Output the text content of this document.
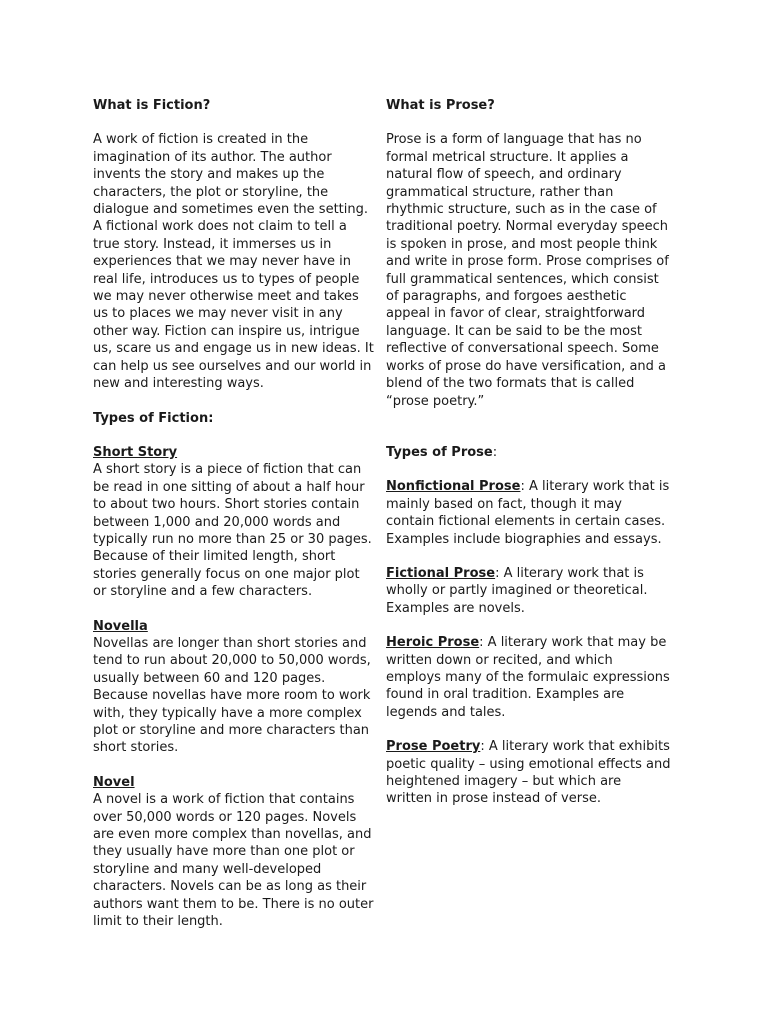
What is Fiction?

A work of fiction is created in the imagination of its author. The author invents the story and makes up the characters, the plot or storyline, the dialogue and sometimes even the setting. A fictional work does not claim to tell a true story. Instead, it immerses us in experiences that we may never have in real life, introduces us to types of people we may never otherwise meet and takes us to places we may never visit in any other way. Fiction can inspire us, intrigue us, scare us and engage us in new ideas. It can help us see ourselves and our world in new and interesting ways.

Types of Fiction:

Short Story

A short story is a piece of fiction that can be read in one sitting of about a half hour to about two hours. Short stories contain between 1,000 and 20,000 words and typically run no more than 25 or 30 pages. Because of their limited length, short stories generally focus on one major plot or storyline and a few characters.

Novella

Novellas are longer than short stories and tend to run about 20,000 to 50,000 words, usually between 60 and 120 pages. Because novellas have more room to work with, they typically have a more complex plot or storyline and more characters than short stories.

Novel

A novel is a work of fiction that contains over 50,000 words or 120 pages. Novels are even more complex than novellas, and they usually have more than one plot or storyline and many well-developed characters. Novels can be as long as their authors want them to be. There is no outer limit to their length.

What is Prose?

Prose is a form of language that has no formal metrical structure. It applies a natural flow of speech, and ordinary grammatical structure, rather than rhythmic structure, such as in the case of traditional poetry. Normal everyday speech is spoken in prose, and most people think and write in prose form. Prose comprises of full grammatical sentences, which consist of paragraphs, and forgoes aesthetic appeal in favor of clear, straightforward language. It can be said to be the most reflective of conversational speech. Some works of prose do have versification, and a blend of the two formats that is called “prose poetry.”

Types of Prose:

Nonfictional Prose: A literary work that is mainly based on fact, though it may contain fictional elements in certain cases. Examples include biographies and essays.

Fictional Prose: A literary work that is wholly or partly imagined or theoretical. Examples are novels.

Heroic Prose: A literary work that may be written down or recited, and which employs many of the formulaic expressions found in oral tradition. Examples are legends and tales.

Prose Poetry: A literary work that exhibits poetic quality – using emotional effects and heightened imagery – but which are written in prose instead of verse.
